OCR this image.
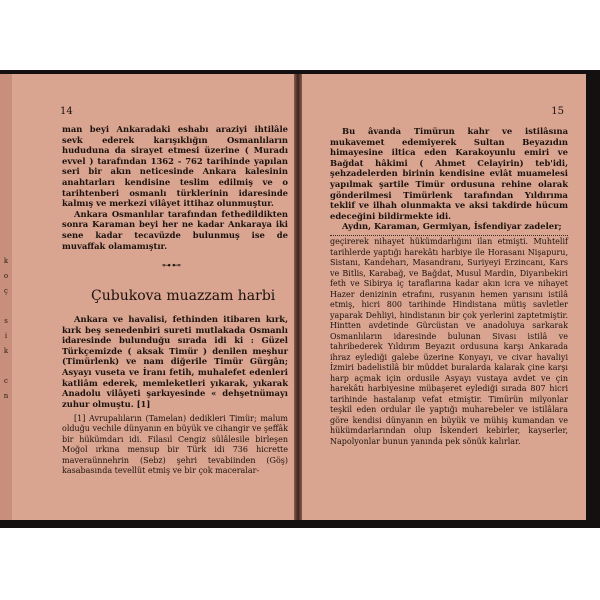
k
o
ç

s
i
k

c
n
14

man beyi Ankaradaki eshabı araziyi ihtilâle sevk ederek karışıklığın Osmanlıların hududuna da sirayet etmesi üzerine ( Muradı evvel ) tarafından 1362 - 762 tarihinde yapılan seri bir akın neticesinde Ankara kalesinin anahtarları kendisine teslim edilmiş ve o tarihtenberi osmanlı türklerinin idaresinde kalmış ve merkezi vilâyet ittihaz olunmuştur.

Ankara Osmanlılar tarafından fethedildikten sonra Karaman beyi her ne kadar Ankaraya iki sene kadar tecavüzde bulunmuş ise de muvaffak olamamıştır.

⊶⊷
Çubukova muazzam harbi

Ankara ve havalisi, fethinden itibaren kırk, kırk beş senedenbiri sureti mutlakada Osmanlı idaresinde bulunduğu sırada idi ki : Güzel Türkçemizde ( aksak Timür ) denilen meşhur (Timürlenk) ve nam diğerile Timür Gürgân; Asyayı vuseta ve İranı fetih, muhalefet edenleri katliâm ederek, memleketleri yıkarak, yıkarak Anadolu vilâyeti şarkıyesinde « dehşetnümayı zuhur olmuştu. [1]

[1] Avrupalıların (Tamelan) dedikleri Timür; malum olduğu vechile dünyanın en büyük ve cihangir ve şeffâk bir hükümdarı idi. Filasıl Cengiz sülâlesile birleşen Moğol ırkına mensup bir Türk idi 736 hicrette maveraünnehrin (Sebz) şehri tevabiinden (Göş) kasabasında tevellüt etmiş ve bir çok maceralar-

15

Bu âvanda Timürun kahr ve istilâsına mukavemet edemiyerek Sultan Beyazıdın himayesine iltica eden Karakoyunlu emiri ve Bağdat hâkimi ( Ahmet Celayirin) teb'idi, şehzadelerden birinin kendisine evlât muamelesi yapılmak şartile Timür ordusuna rehine olarak gönderilmesi Timürlenk tarafından Yıldırıma teklif ve ilhah olunmakta ve aksi takdirde hücum edeceğini bildirmekte idi.

Aydın, Karaman, Germiyan, İsfendiyar zadeler;

geçirerek nihayet hükümdarlığını ilan etmişti. Muhtelif tarihlerde yaptığı harekâtı harbiye ile Horasanı Nişapuru, Sistanı, Kandeharı, Masandranı, Suriyeyi Erzincanı, Kars ve Bitlis, Karabağ, ve Bağdat, Musul Mardin, Diyarıbekiri feth ve Sibirya iç taraflarına kadar akın icra ve nihayet Hazer denizinin etrafını, rusyanın hemen yarısını istilâ etmiş, hicri 800 tarihinde Hindistana mütiş savletler yaparak Dehliyi, hindistanın bir çok yerlerini zaptetmiştir. Hintten avdetinde Gürcüstan ve anadoluya sarkarak Osmanlıların idaresinde bulunan Sivası istilâ ve tahribederek Yıldırım Beyazıt ordusuna karşı Ankarada ihraz eylediği galebe üzerine Konyayı, ve civar havaliyi İzmiri badelistilâ bir müddet buralarda kalarak çine karşı harp açmak için ordusile Asyayı vustaya avdet ve çin harekâtı harbiyesine mübaşeret eylediği sırada 807 hicri tarihinde hastalanıp vefat etmiştir. Timürün milyonlar teşkil eden ordular ile yaptığı muharebeler ve istilâlara göre kendisi dünyanın en büyük ve mühiş kumandan ve hükümdarlarından olup İskenderi kebirler, kayserler, Napolyonlar bunun yanında pek sönük kalırlar.
